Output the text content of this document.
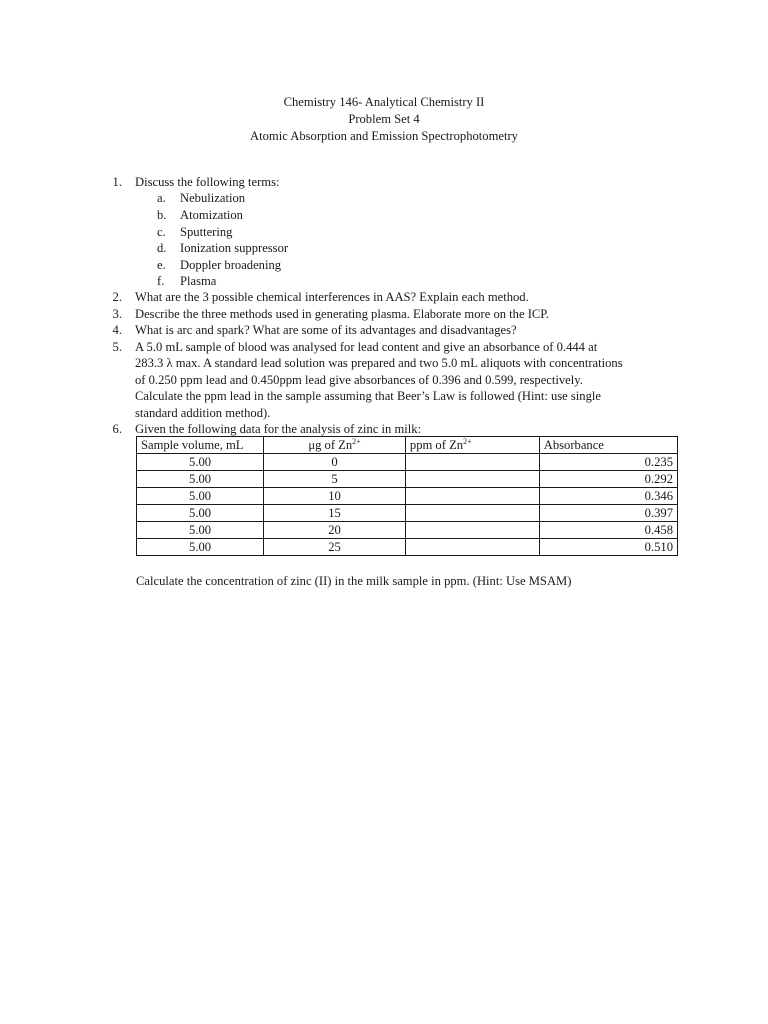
Chemistry 146- Analytical Chemistry II
Problem Set 4
Atomic Absorption and Emission Spectrophotometry
1. Discuss the following terms:
a. Nebulization
b. Atomization
c. Sputtering
d. Ionization suppressor
e. Doppler broadening
f. Plasma
2. What are the 3 possible chemical interferences in AAS? Explain each method.
3. Describe the three methods used in generating plasma. Elaborate more on the ICP.
4. What is arc and spark? What are some of its advantages and disadvantages?
5. A 5.0 mL sample of blood was analysed for lead content and give an absorbance of 0.444 at
283.3 λ max. A standard lead solution was prepared and two 5.0 mL aliquots with concentrations
of 0.250 ppm lead and 0.450ppm lead give absorbances of 0.396 and 0.599, respectively.
Calculate the ppm lead in the sample assuming that Beer’s Law is followed (Hint: use single
standard addition method).
6. Given the following data for the analysis of zinc in milk:
Sample volume, mL	μg of $Zn^{2+}$	ppm of $Zn^{2+}$	Absorbance
5.00	0		0.235
5.00	5		0.292
5.00	10		0.346
5.00	15		0.397
5.00	20		0.458
5.00	25		0.510
Calculate the concentration of zinc (II) in the milk sample in ppm. (Hint: Use MSAM)
